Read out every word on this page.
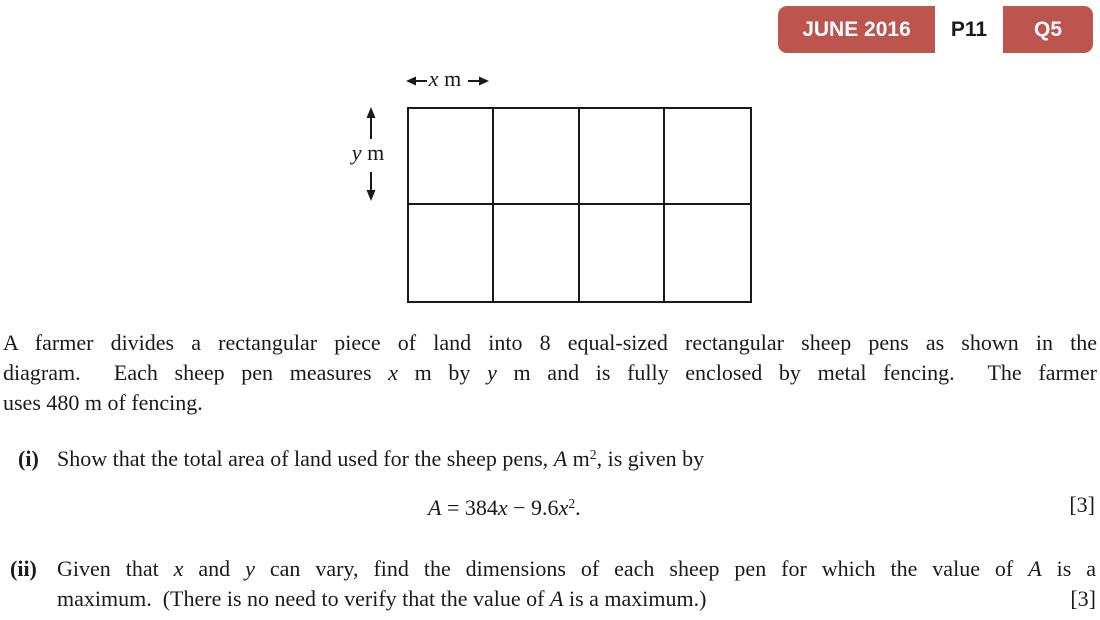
JUNE 2016	P11	Q5
x m
y m
A farmer divides a rectangular piece of land into 8 equal-sized rectangular sheep pens as shown in the
diagram.  Each sheep pen measures x m by y m and is fully enclosed by metal fencing.  The farmer
uses 480 m of fencing.
(i) Show that the total area of land used for the sheep pens, A $m^2$, is given by
$A = 384x - 9.6x^2$.	[3]
(ii) Given that x and y can vary, find the dimensions of each sheep pen for which the value of A is a
maximum.  (There is no need to verify that the value of A is a maximum.)	[3]
